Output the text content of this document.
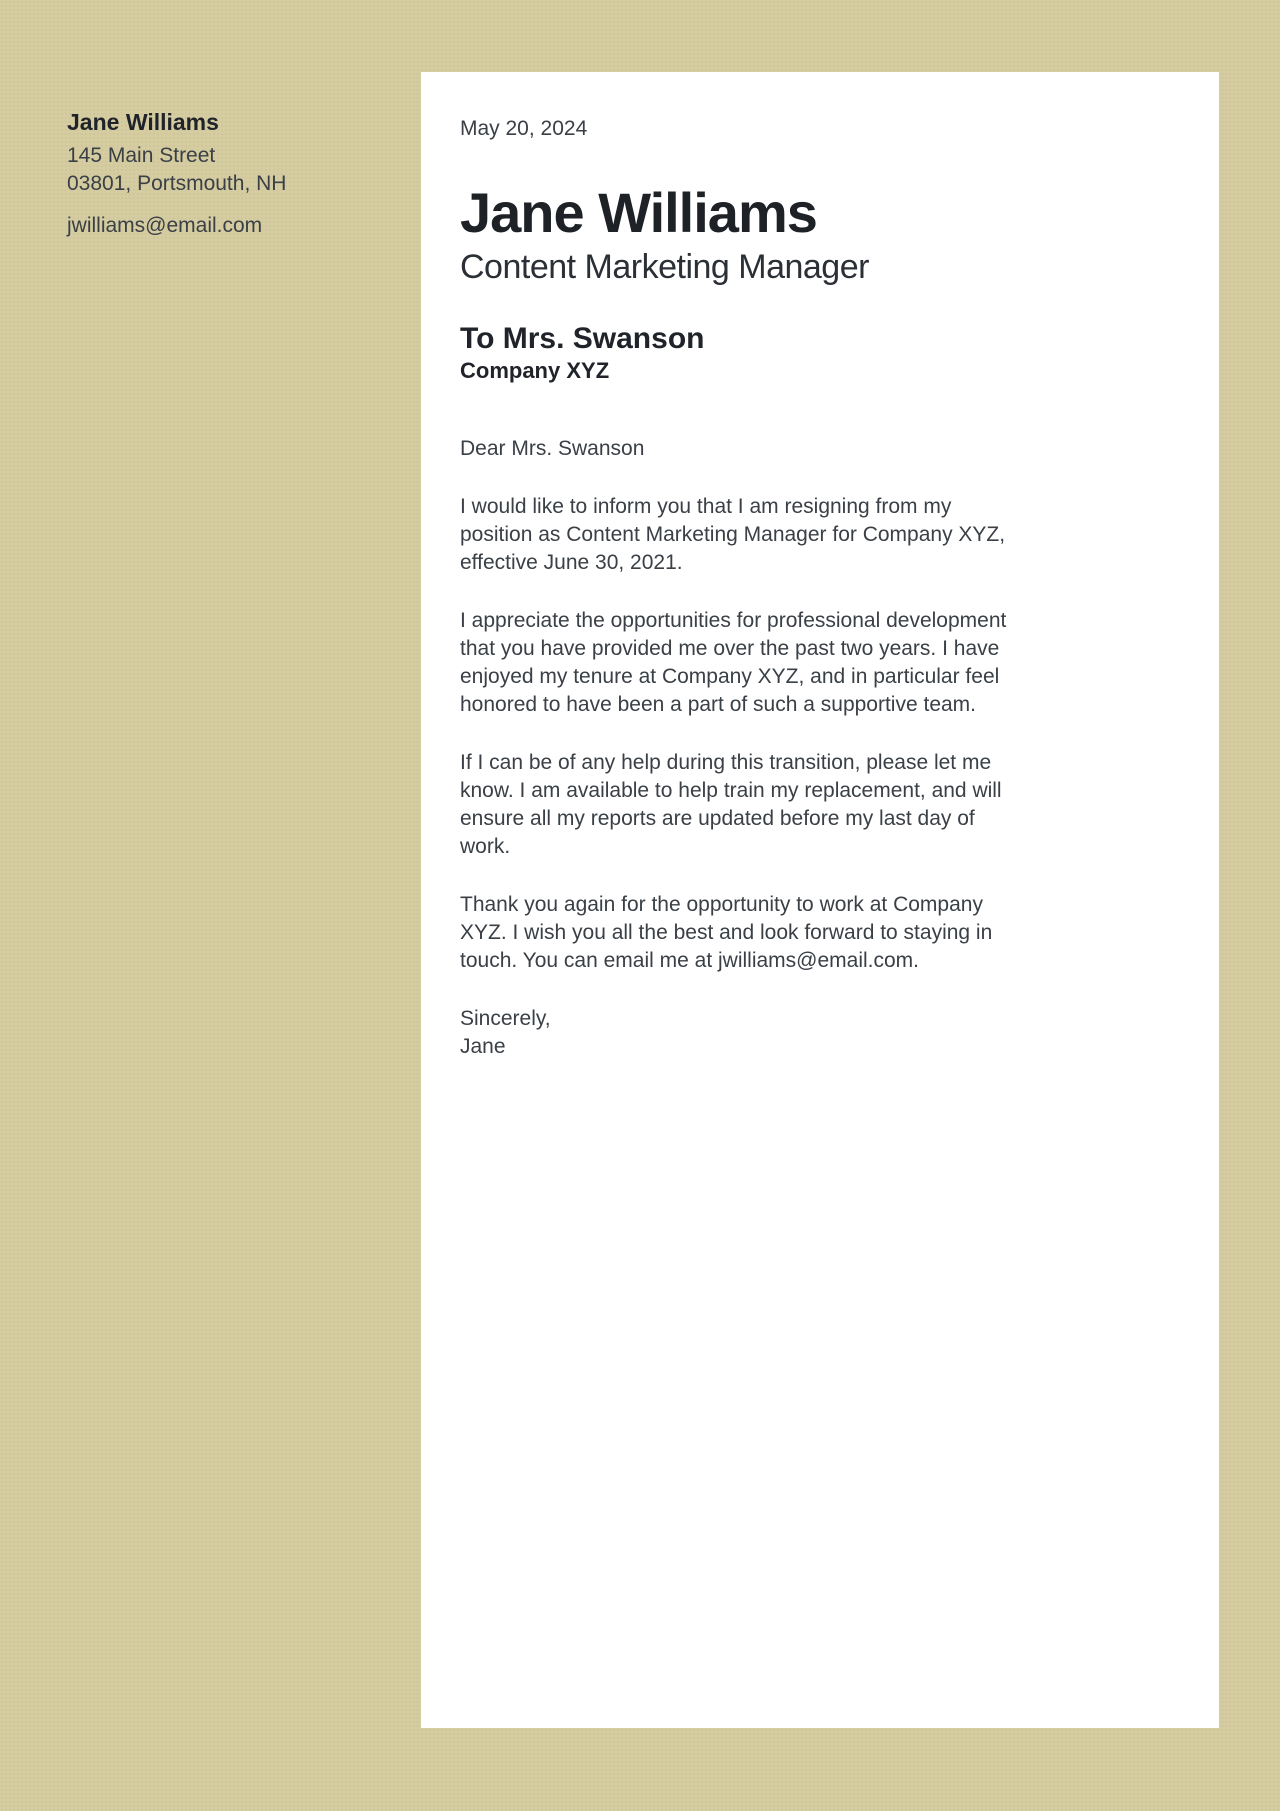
Jane Williams
145 Main Street
03801, Portsmouth, NH
jwilliams@email.com
May 20, 2024
Jane Williams
Content Marketing Manager

To Mrs. Swanson

Company XYZ

Dear Mrs. Swanson

I would like to inform you that I am resigning from my position as Content Marketing Manager for Company XYZ, effective June 30, 2021.

I appreciate the opportunities for professional development that you have provided me over the past two years. I have enjoyed my tenure at Company XYZ, and in particular feel honored to have been a part of such a supportive team.

If I can be of any help during this transition, please let me know. I am available to help train my replacement, and will ensure all my reports are updated before my last day of work.

Thank you again for the opportunity to work at Company XYZ. I wish you all the best and look forward to staying in touch. You can email me at jwilliams@email.com.

Sincerely,
Jane
